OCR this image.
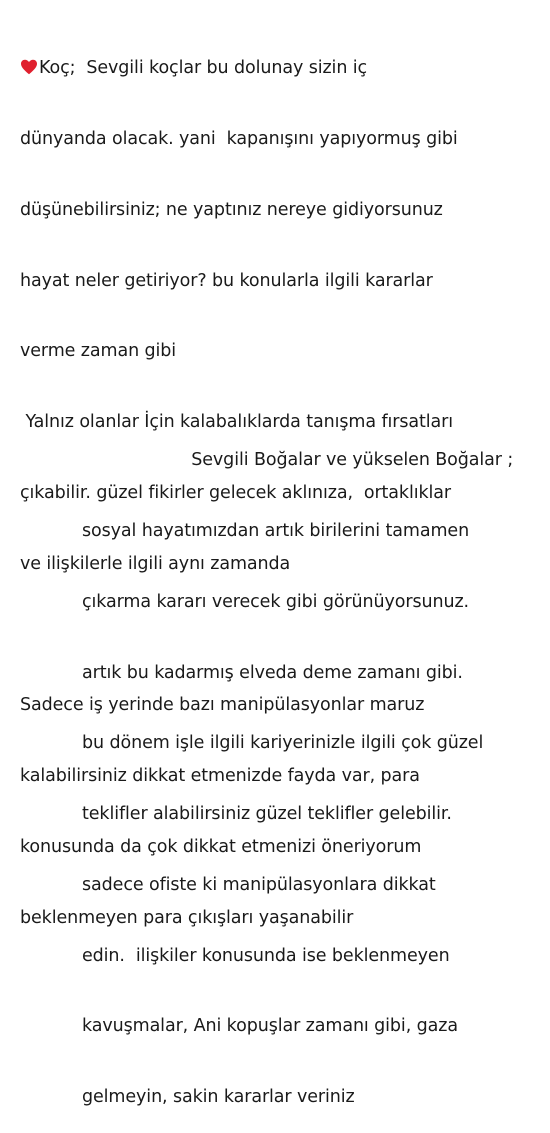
Koç;  Sevgili koçlar bu dolunay sizin iç

dünyanda olacak. yani  kapanışını yapıyormuş gibi

düşünebilirsiniz; ne yaptınız nereye gidiyorsunuz

hayat neler getiriyor? bu konularla ilgili kararlar

verme zaman gibi

Yalnız olanlar İçin kalabalıklarda tanışma fırsatları

çıkabilir. güzel fikirler gelecek aklınıza,  ortaklıklar

ve ilişkilerle ilgili aynı zamanda

Sadece iş yerinde bazı manipülasyonlar maruz

kalabilirsiniz dikkat etmenizde fayda var, para

konusunda da çok dikkat etmenizi öneriyorum

beklenmeyen para çıkışları yaşanabilir

Sevgili Boğalar ve yükselen Boğalar ;

sosyal hayatımızdan artık birilerini tamamen

çıkarma kararı verecek gibi görünüyorsunuz.

artık bu kadarmış elveda deme zamanı gibi.

bu dönem işle ilgili kariyerinizle ilgili çok güzel

teklifler alabilirsiniz güzel teklifler gelebilir.

sadece ofiste ki manipülasyonlara dikkat

edin.  ilişkiler konusunda ise beklenmeyen

kavuşmalar, Ani kopuşlar zamanı gibi, gaza

gelmeyin, sakin kararlar veriniz
